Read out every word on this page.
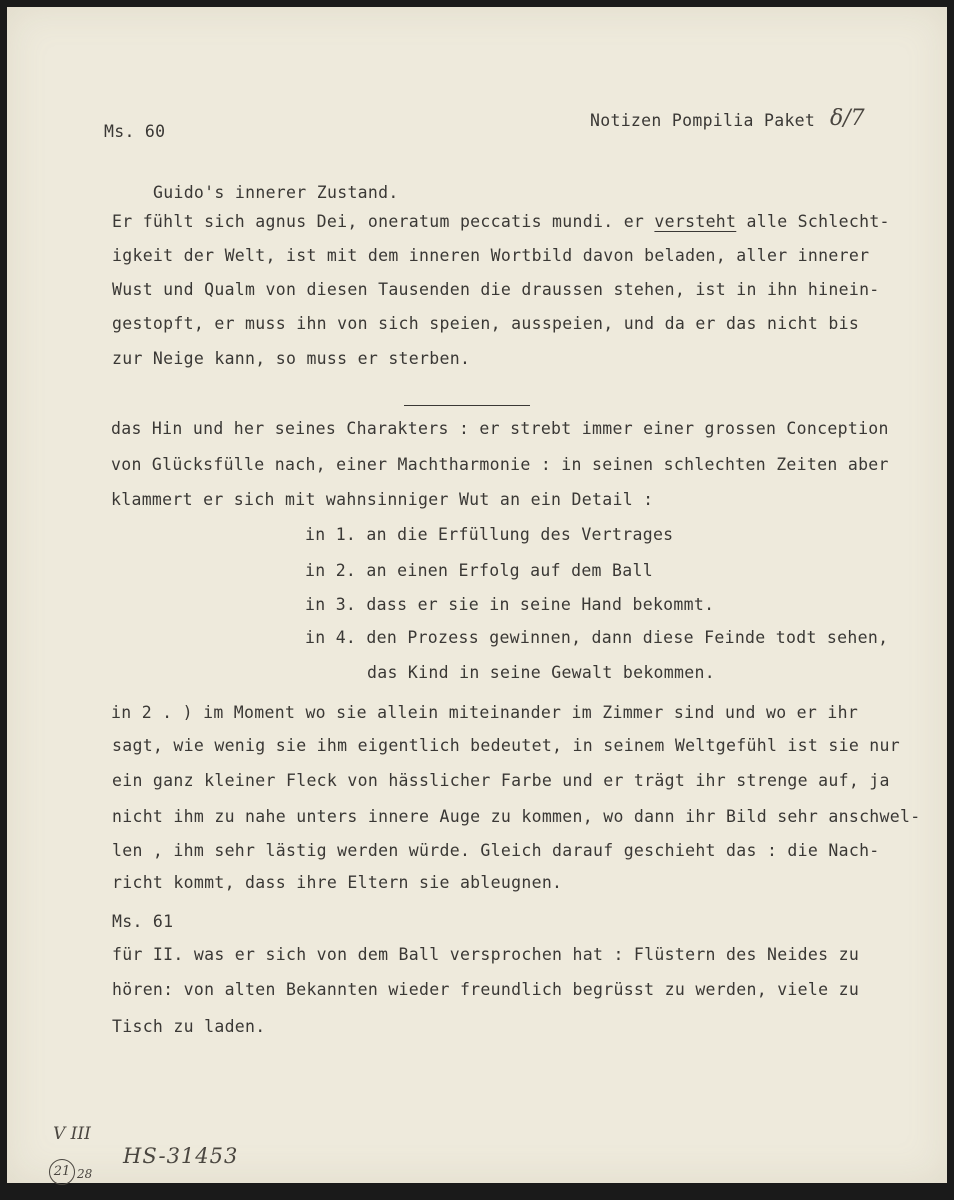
Ms. 60
Notizen Pompilia Paket δ/7
Guido's innerer Zustand.
Er fühlt sich agnus Dei, oneratum peccatis mundi. er versteht alle Schlecht-
igkeit der Welt, ist mit dem inneren Wortbild davon beladen, aller innerer
Wust und Qualm von diesen Tausenden die draussen stehen, ist in ihn hinein-
gestopft, er muss ihn von sich speien, ausspeien, und da er das nicht bis
zur Neige kann, so muss er sterben.
das Hin und her seines Charakters : er strebt immer einer grossen Conception
von Glücksfülle nach, einer Machtharmonie : in seinen schlechten Zeiten aber
klammert er sich mit wahnsinniger Wut an ein Detail :
in 1. an die Erfüllung des Vertrages
in 2. an einen Erfolg auf dem Ball
in 3. dass er sie in seine Hand bekommt.
in 4. den Prozess gewinnen, dann diese Feinde todt sehen,
das Kind in seine Gewalt bekommen.
in 2 . ) im Moment wo sie allein miteinander im Zimmer sind und wo er ihr
sagt, wie wenig sie ihm eigentlich bedeutet, in seinem Weltgefühl ist sie nur
ein ganz kleiner Fleck von hässlicher Farbe und er trägt ihr strenge auf, ja
nicht ihm zu nahe unters innere Auge zu kommen, wo dann ihr Bild sehr anschwel-
len , ihm sehr lästig werden würde. Gleich darauf geschieht das : die Nach-
richt kommt, dass ihre Eltern sie ableugnen.
Ms. 61
für II. was er sich von dem Ball versprochen hat : Flüstern des Neides zu
hören: von alten Bekannten wieder freundlich begrüsst zu werden, viele zu
Tisch zu laden.
V III
21 28
HS-31453
